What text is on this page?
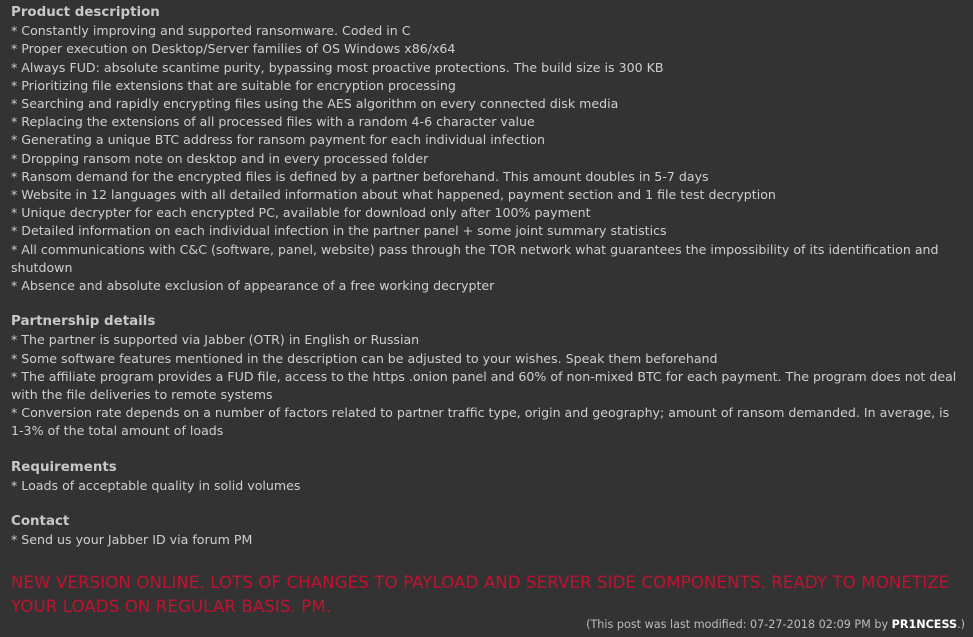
Product description
* Constantly improving and supported ransomware. Coded in C
* Proper execution on Desktop/Server families of OS Windows x86/x64
* Always FUD: absolute scantime purity, bypassing most proactive protections. The build size is 300 KB
* Prioritizing file extensions that are suitable for encryption processing
* Searching and rapidly encrypting files using the AES algorithm on every connected disk media
* Replacing the extensions of all processed files with a random 4-6 character value
* Generating a unique BTC address for ransom payment for each individual infection
* Dropping ransom note on desktop and in every processed folder
* Ransom demand for the encrypted files is defined by a partner beforehand. This amount doubles in 5-7 days
* Website in 12 languages with all detailed information about what happened, payment section and 1 file test decryption
* Unique decrypter for each encrypted PC, available for download only after 100% payment
* Detailed information on each individual infection in the partner panel + some joint summary statistics
* All communications with C&C (software, panel, website) pass through the TOR network what guarantees the impossibility of its identification and shutdown
* Absence and absolute exclusion of appearance of a free working decrypter
Partnership details
* The partner is supported via Jabber (OTR) in English or Russian
* Some software features mentioned in the description can be adjusted to your wishes. Speak them beforehand
* The affiliate program provides a FUD file, access to the https .onion panel and 60% of non-mixed BTC for each payment. The program does not deal with the file deliveries to remote systems
* Conversion rate depends on a number of factors related to partner traffic type, origin and geography; amount of ransom demanded. In average, is 1-3% of the total amount of loads
Requirements
* Loads of acceptable quality in solid volumes
Contact
* Send us your Jabber ID via forum PM
NEW VERSION ONLINE. LOTS OF CHANGES TO PAYLOAD AND SERVER SIDE COMPONENTS. READY TO MONETIZE YOUR LOADS ON REGULAR BASIS. PM.
(This post was last modified: 07-27-2018 02:09 PM by PR1NCESS.)
